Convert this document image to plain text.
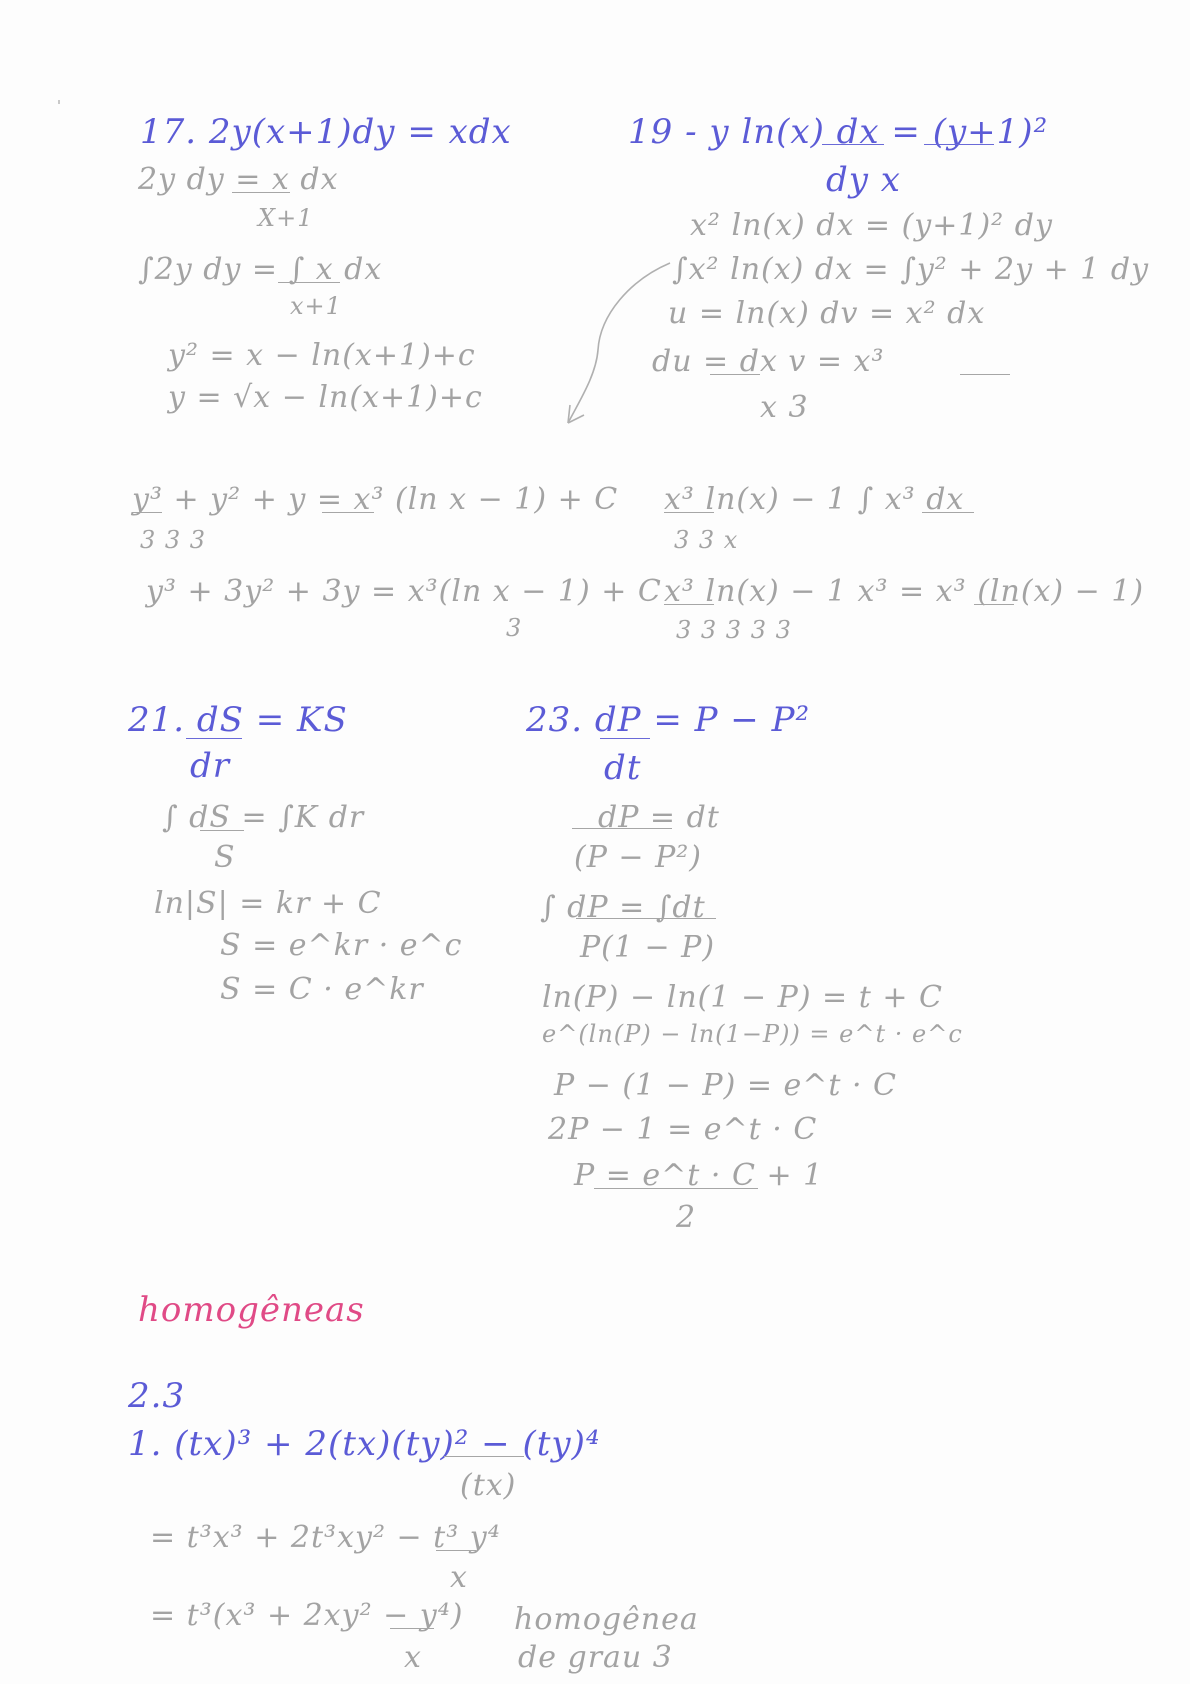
17. 2y(x+1)dy = xdx
2y dy = x dx
X+1
∫2y dy = ∫ x dx
x+1
y² = x − ln(x+1)+c
y = √x − ln(x+1)+c
19 - y ln(x) dx = (y+1)²
dy x
x² ln(x) dx = (y+1)² dy
∫x² ln(x) dx = ∫y² + 2y + 1 dy
u = ln(x) dv = x² dx
du = dx v = x³
x 3
y³ + y² + y = x³ (ln x − 1) + C
3 3 3
y³ + 3y² + 3y = x³(ln x − 1) + C
3
x³ ln(x) − 1 ∫ x³ dx
3 3 x
x³ ln(x) − 1 x³ = x³ (ln(x) − 1)
3 3 3 3 3
21. dS = KS
dr
∫ dS = ∫K dr
S
ln|S| = kr + C
S = e^kr · e^c
S = C · e^kr
23. dP = P − P²
dt
dP = dt
(P − P²)
∫ dP = ∫dt
P(1 − P)
ln(P) − ln(1 − P) = t + C
e^(ln(P) − ln(1−P)) = e^t · e^c
P − (1 − P) = e^t · C
2P − 1 = e^t · C
P = e^t · C + 1
2
homogêneas
2.3
1. (tx)³ + 2(tx)(ty)² − (ty)⁴
(tx)
= t³x³ + 2t³xy² − t³ y⁴
x
= t³(x³ + 2xy² − y⁴)
x
homogênea
de grau 3
